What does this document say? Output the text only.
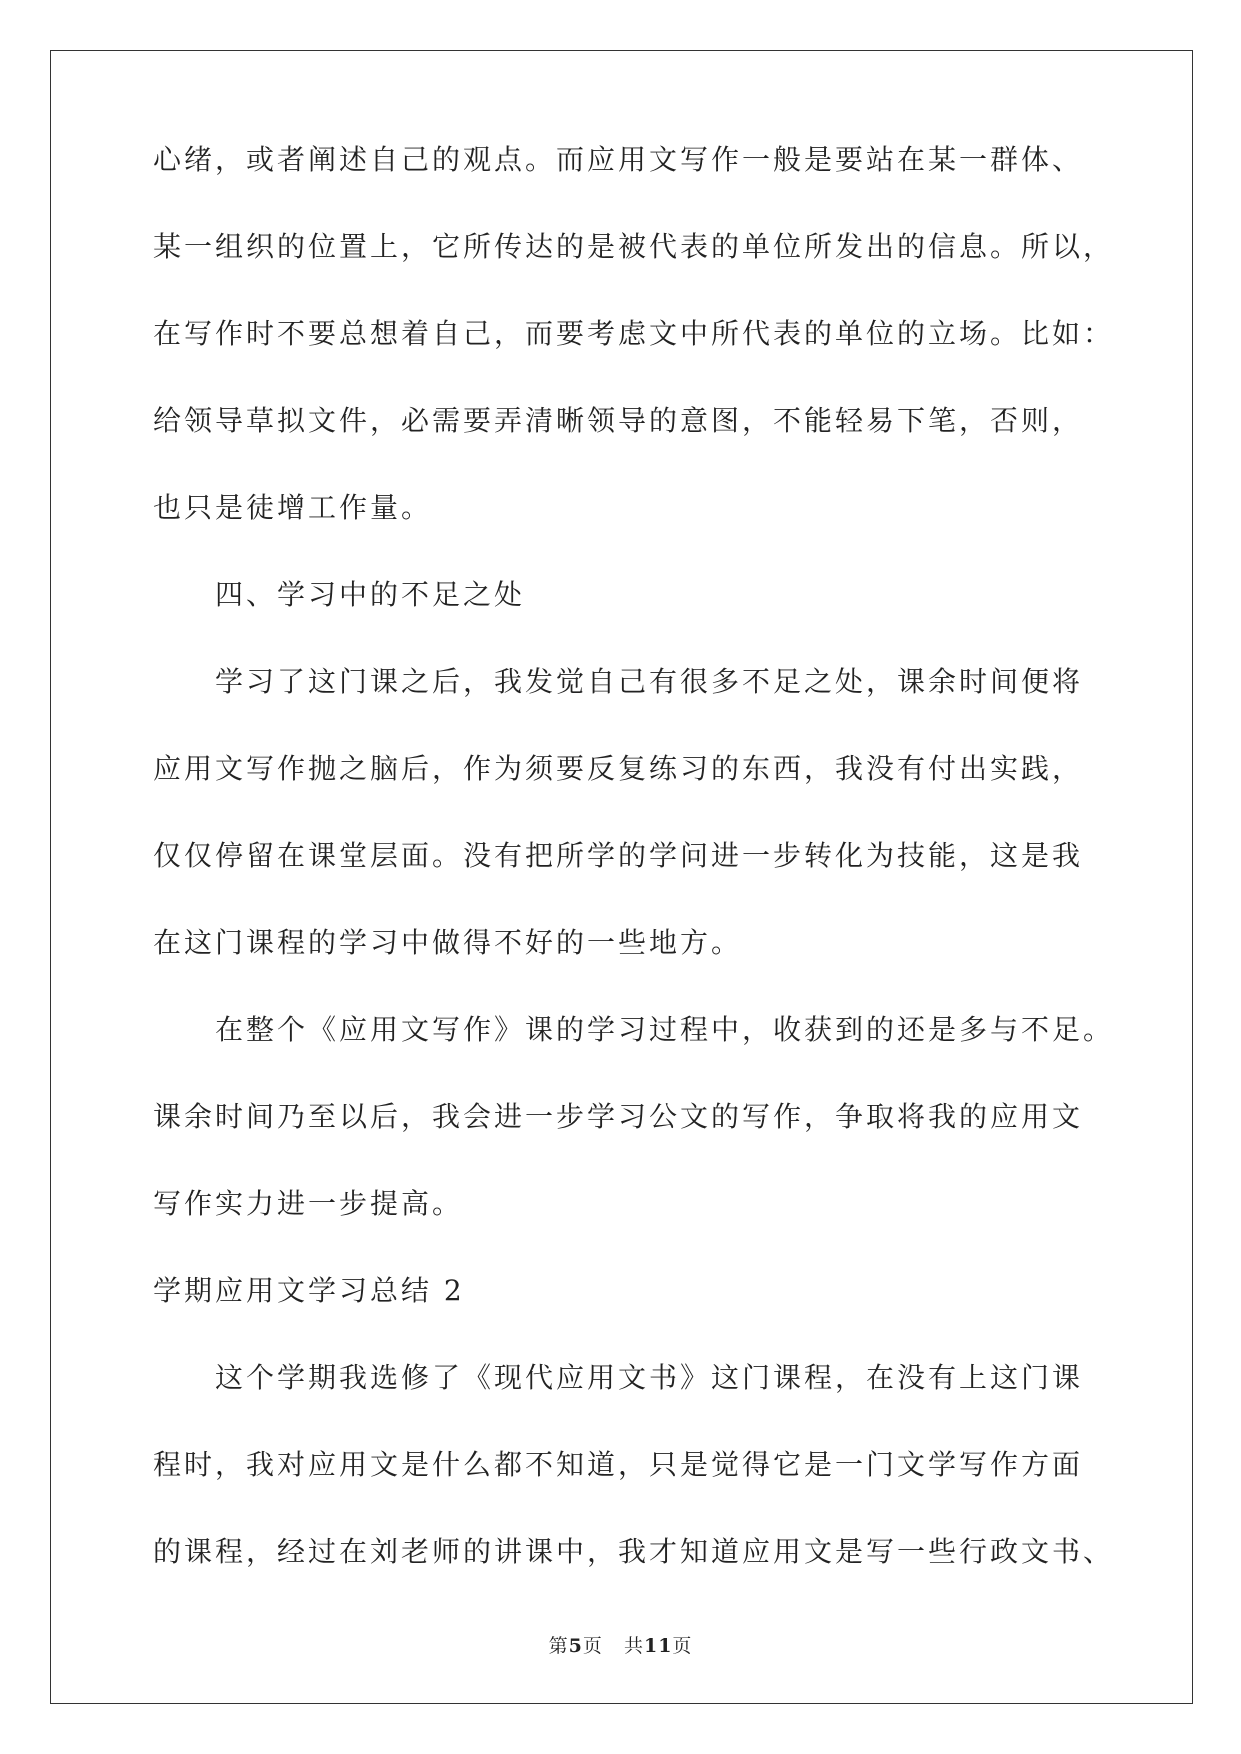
心绪，或者阐述自己的观点。而应用文写作一般是要站在某一群体、
某一组织的位置上，它所传达的是被代表的单位所发出的信息。所以，
在写作时不要总想着自己，而要考虑文中所代表的单位的立场。比如：
给领导草拟文件，必需要弄清晰领导的意图，不能轻易下笔，否则，
也只是徒增工作量。
四、学习中的不足之处
学习了这门课之后，我发觉自己有很多不足之处，课余时间便将
应用文写作抛之脑后，作为须要反复练习的东西，我没有付出实践，
仅仅停留在课堂层面。没有把所学的学问进一步转化为技能，这是我
在这门课程的学习中做得不好的一些地方。
在整个《应用文写作》课的学习过程中，收获到的还是多与不足。
课余时间乃至以后，我会进一步学习公文的写作，争取将我的应用文
写作实力进一步提高。
学期应用文学习总结 2
这个学期我选修了《现代应用文书》这门课程，在没有上这门课
程时，我对应用文是什么都不知道，只是觉得它是一门文学写作方面
的课程，经过在刘老师的讲课中，我才知道应用文是写一些行政文书、
第5页 共11页
